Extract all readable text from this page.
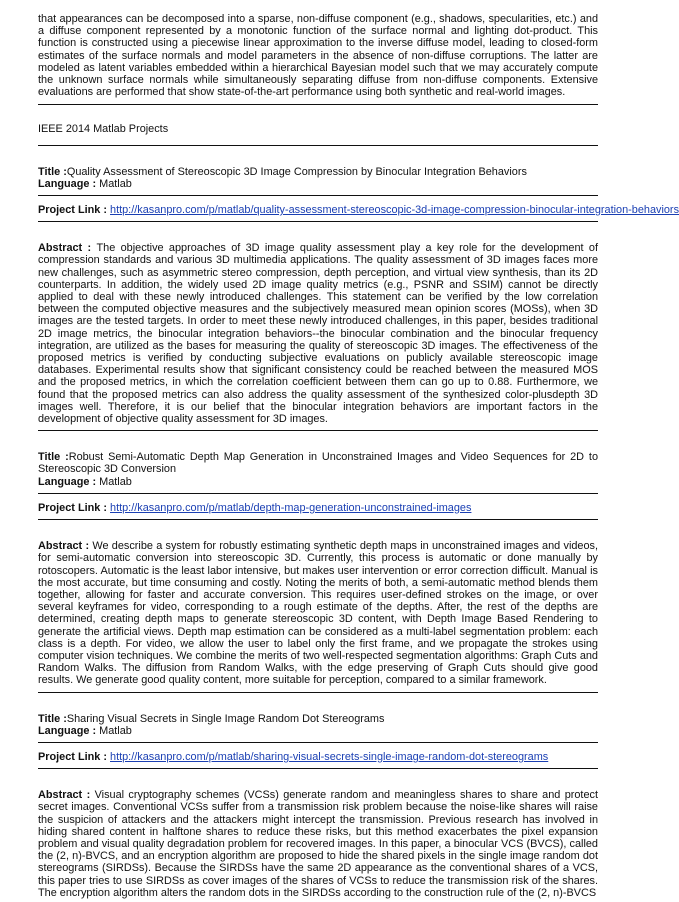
that appearances can be decomposed into a sparse, non-diffuse component (e.g., shadows, specularities, etc.) and a diffuse component represented by a monotonic function of the surface normal and lighting dot-product. This function is constructed using a piecewise linear approximation to the inverse diffuse model, leading to closed-form estimates of the surface normals and model parameters in the absence of non-diffuse corruptions. The latter are modeled as latent variables embedded within a hierarchical Bayesian model such that we may accurately compute the unknown surface normals while simultaneously separating diffuse from non-diffuse components. Extensive evaluations are performed that show state-of-the-art performance using both synthetic and real-world images.

IEEE 2014 Matlab Projects

Title :Quality Assessment of Stereoscopic 3D Image Compression by Binocular Integration Behaviors

Language : Matlab

Project Link : http://kasanpro.com/p/matlab/quality-assessment-stereoscopic-3d-image-compression-binocular-integration-behaviors

Abstract : The objective approaches of 3D image quality assessment play a key role for the development of compression standards and various 3D multimedia applications. The quality assessment of 3D images faces more new challenges, such as asymmetric stereo compression, depth perception, and virtual view synthesis, than its 2D counterparts. In addition, the widely used 2D image quality metrics (e.g., PSNR and SSIM) cannot be directly applied to deal with these newly introduced challenges. This statement can be verified by the low correlation between the computed objective measures and the subjectively measured mean opinion scores (MOSs), when 3D images are the tested targets. In order to meet these newly introduced challenges, in this paper, besides traditional 2D image metrics, the binocular integration behaviors--the binocular combination and the binocular frequency integration, are utilized as the bases for measuring the quality of stereoscopic 3D images. The effectiveness of the proposed metrics is verified by conducting subjective evaluations on publicly available stereoscopic image databases. Experimental results show that significant consistency could be reached between the measured MOS and the proposed metrics, in which the correlation coefficient between them can go up to 0.88. Furthermore, we found that the proposed metrics can also address the quality assessment of the synthesized color-plusdepth 3D images well. Therefore, it is our belief that the binocular integration behaviors are important factors in the development of objective quality assessment for 3D images.

Title :Robust Semi-Automatic Depth Map Generation in Unconstrained Images and Video Sequences for 2D to Stereoscopic 3D Conversion

Language : Matlab

Project Link : http://kasanpro.com/p/matlab/depth-map-generation-unconstrained-images

Abstract : We describe a system for robustly estimating synthetic depth maps in unconstrained images and videos, for semi-automatic conversion into stereoscopic 3D. Currently, this process is automatic or done manually by rotoscopers. Automatic is the least labor intensive, but makes user intervention or error correction difficult. Manual is the most accurate, but time consuming and costly. Noting the merits of both, a semi-automatic method blends them together, allowing for faster and accurate conversion. This requires user-defined strokes on the image, or over several keyframes for video, corresponding to a rough estimate of the depths. After, the rest of the depths are determined, creating depth maps to generate stereoscopic 3D content, with Depth Image Based Rendering to generate the artificial views. Depth map estimation can be considered as a multi-label segmentation problem: each class is a depth. For video, we allow the user to label only the first frame, and we propagate the strokes using computer vision techniques. We combine the merits of two well-respected segmentation algorithms: Graph Cuts and Random Walks. The diffusion from Random Walks, with the edge preserving of Graph Cuts should give good results. We generate good quality content, more suitable for perception, compared to a similar framework.

Title :Sharing Visual Secrets in Single Image Random Dot Stereograms

Language : Matlab

Project Link : http://kasanpro.com/p/matlab/sharing-visual-secrets-single-image-random-dot-stereograms

Abstract : Visual cryptography schemes (VCSs) generate random and meaningless shares to share and protect secret images. Conventional VCSs suffer from a transmission risk problem because the noise-like shares will raise the suspicion of attackers and the attackers might intercept the transmission. Previous research has involved in hiding shared content in halftone shares to reduce these risks, but this method exacerbates the pixel expansion problem and visual quality degradation problem for recovered images. In this paper, a binocular VCS (BVCS), called the (2, n)-BVCS, and an encryption algorithm are proposed to hide the shared pixels in the single image random dot stereograms (SIRDSs). Because the SIRDSs have the same 2D appearance as the conventional shares of a VCS, this paper tries to use SIRDSs as cover images of the shares of VCSs to reduce the transmission risk of the shares. The encryption algorithm alters the random dots in the SIRDSs according to the construction rule of the (2, n)-BVCS
